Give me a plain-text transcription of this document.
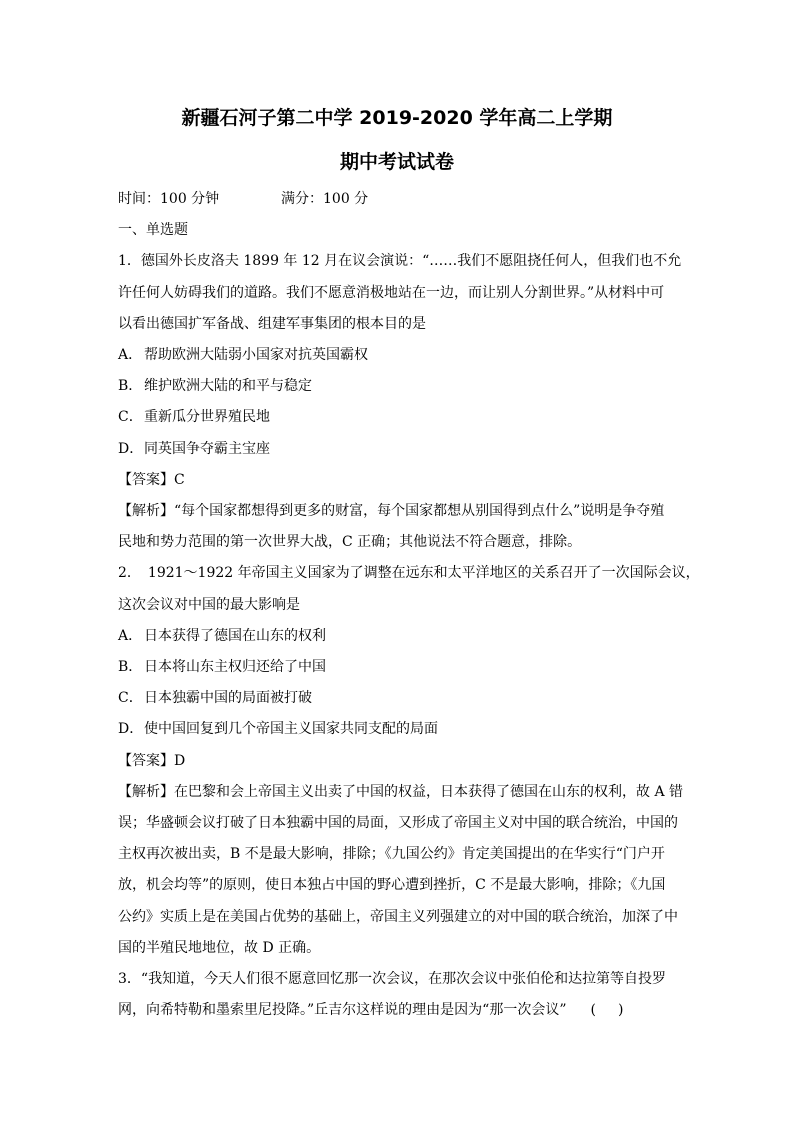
新疆石河子第二中学 2019-2020 学年高二上学期
期中考试试卷
时间：100 分钟	满分：100 分
一、单选题
1．德国外长皮洛夫 1899 年 12 月在议会演说：“……我们不愿阻挠任何人，但我们也不允
许任何人妨碍我们的道路。我们不愿意消极地站在一边，而让别人分割世界。”从材料中可
以看出德国扩军备战、组建军事集团的根本目的是
A． 帮助欧洲大陆弱小国家对抗英国霸权
B． 维护欧洲大陆的和平与稳定
C．重新瓜分世界殖民地
D．同英国争夺霸主宝座
【答案】C
【解析】“每个国家都想得到更多的财富，每个国家都想从别国得到点什么”说明是争夺殖
民地和势力范围的第一次世界大战，C 正确；其他说法不符合题意，排除。
2．　1921～1922 年帝国主义国家为了调整在远东和太平洋地区的关系召开了一次国际会议，
这次会议对中国的最大影响是
A． 日本获得了德国在山东的权利
B． 日本将山东主权归还给了中国
C．日本独霸中国的局面被打破
D．使中国回复到几个帝国主义国家共同支配的局面
【答案】D
【解析】在巴黎和会上帝国主义出卖了中国的权益，日本获得了德国在山东的权利，故 A 错
误；华盛顿会议打破了日本独霸中国的局面，又形成了帝国主义对中国的联合统治，中国的
主权再次被出卖，B 不是最大影响，排除；《九国公约》肯定美国提出的在华实行“门户开
放，机会均等”的原则，使日本独占中国的野心遭到挫折，C 不是最大影响，排除；《九国
公约》实质上是在美国占优势的基础上，帝国主义列强建立的对中国的联合统治，加深了中
国的半殖民地地位，故 D 正确。
3．“我知道，今天人们很不愿意回忆那一次会议，在那次会议中张伯伦和达拉第等自投罗
网，向希特勒和墨索里尼投降。”丘吉尔这样说的理由是因为“那一次会议” ()
